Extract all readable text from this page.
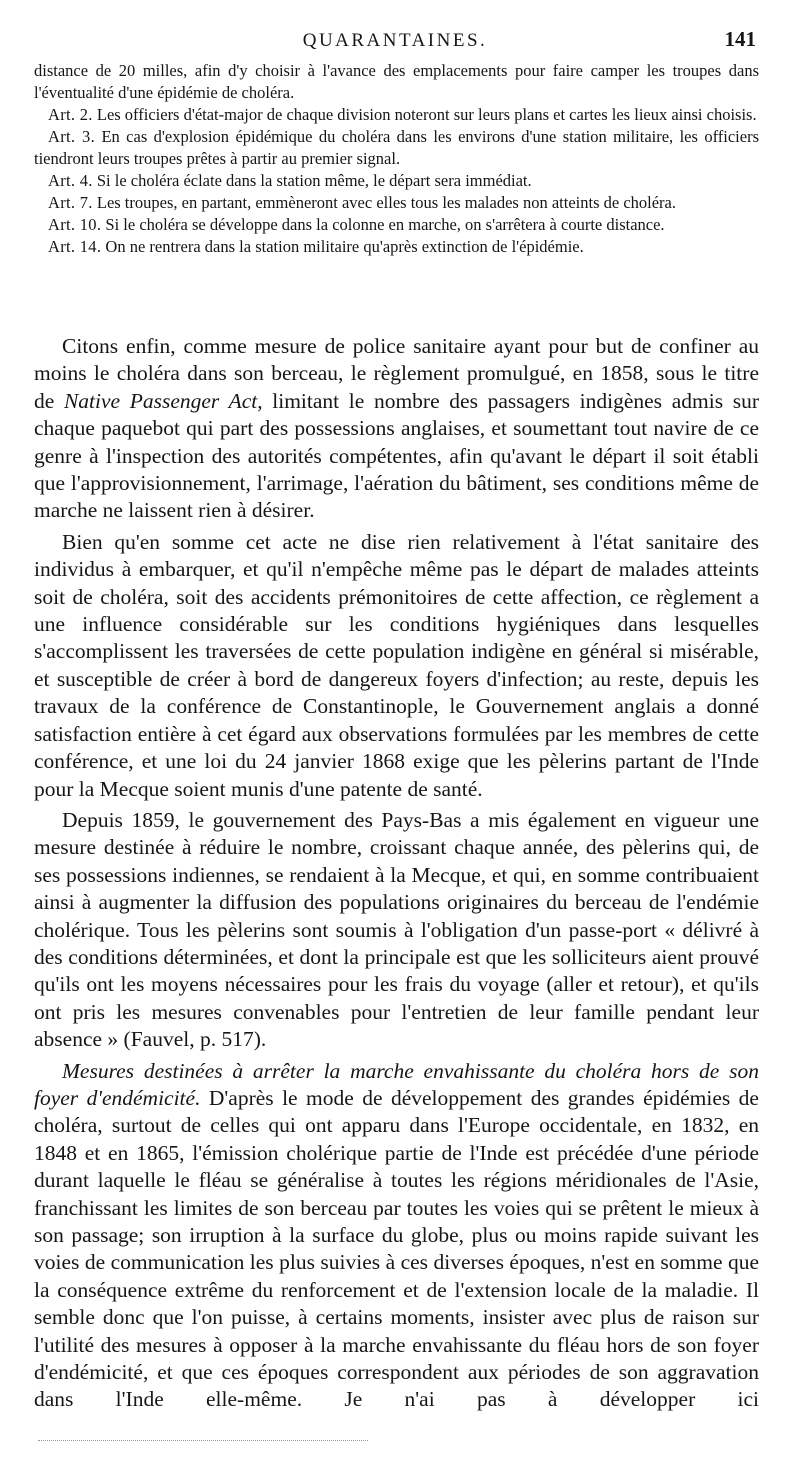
QUARANTAINES.	141

distance de 20 milles, afin d'y choisir à l'avance des emplacements pour faire camper les troupes dans l'éventualité d'une épidémie de choléra.

Art. 2. Les officiers d'état-major de chaque division noteront sur leurs plans et cartes les lieux ainsi choisis.

Art. 3. En cas d'explosion épidémique du choléra dans les environs d'une station militaire, les officiers tiendront leurs troupes prêtes à partir au premier signal.

Art. 4. Si le choléra éclate dans la station même, le départ sera immédiat.

Art. 7. Les troupes, en partant, emmèneront avec elles tous les malades non atteints de choléra.

Art. 10. Si le choléra se développe dans la colonne en marche, on s'arrêtera à courte distance.

Art. 14. On ne rentrera dans la station militaire qu'après extinction de l'épidémie.

Citons enfin, comme mesure de police sanitaire ayant pour but de confiner au moins le choléra dans son berceau, le règlement promulgué, en 1858, sous le titre de Native Passenger Act, limitant le nombre des passagers indigènes admis sur chaque paquebot qui part des possessions anglaises, et soumettant tout navire de ce genre à l'inspection des autorités compétentes, afin qu'avant le départ il soit établi que l'approvisionnement, l'arrimage, l'aération du bâtiment, ses conditions même de marche ne laissent rien à désirer.

Bien qu'en somme cet acte ne dise rien relativement à l'état sanitaire des individus à embarquer, et qu'il n'empêche même pas le départ de malades atteints soit de choléra, soit des accidents prémonitoires de cette affection, ce règlement a une influence considérable sur les conditions hygiéniques dans lesquelles s'accomplissent les traversées de cette population indigène en général si misérable, et susceptible de créer à bord de dangereux foyers d'infection; au reste, depuis les travaux de la conférence de Constantinople, le Gouvernement anglais a donné satisfaction entière à cet égard aux observations formulées par les membres de cette conférence, et une loi du 24 janvier 1868 exige que les pèlerins partant de l'Inde pour la Mecque soient munis d'une patente de santé.

Depuis 1859, le gouvernement des Pays-Bas a mis également en vigueur une mesure destinée à réduire le nombre, croissant chaque année, des pèlerins qui, de ses possessions indiennes, se rendaient à la Mecque, et qui, en somme contribuaient ainsi à augmenter la diffusion des populations originaires du berceau de l'endémie cholérique. Tous les pèlerins sont soumis à l'obligation d'un passe-port « délivré à des conditions déterminées, et dont la principale est que les solliciteurs aient prouvé qu'ils ont les moyens nécessaires pour les frais du voyage (aller et retour), et qu'ils ont pris les mesures convenables pour l'entretien de leur famille pendant leur absence » (Fauvel, p. 517).

Mesures destinées à arrêter la marche envahissante du choléra hors de son foyer d'endémicité. D'après le mode de développement des grandes épidémies de choléra, surtout de celles qui ont apparu dans l'Europe occidentale, en 1832, en 1848 et en 1865, l'émission cholérique partie de l'Inde est précédée d'une période durant laquelle le fléau se généralise à toutes les régions méridionales de l'Asie, franchissant les limites de son berceau par toutes les voies qui se prêtent le mieux à son passage; son irruption à la surface du globe, plus ou moins rapide suivant les voies de communication les plus suivies à ces diverses époques, n'est en somme que la conséquence extrême du renforcement et de l'extension locale de la maladie. Il semble donc que l'on puisse, à certains moments, insister avec plus de raison sur l'utilité des mesures à opposer à la marche envahissante du fléau hors de son foyer d'endémicité, et que ces époques correspondent aux périodes de son aggravation dans l'Inde elle-même. Je n'ai pas à développer ici
